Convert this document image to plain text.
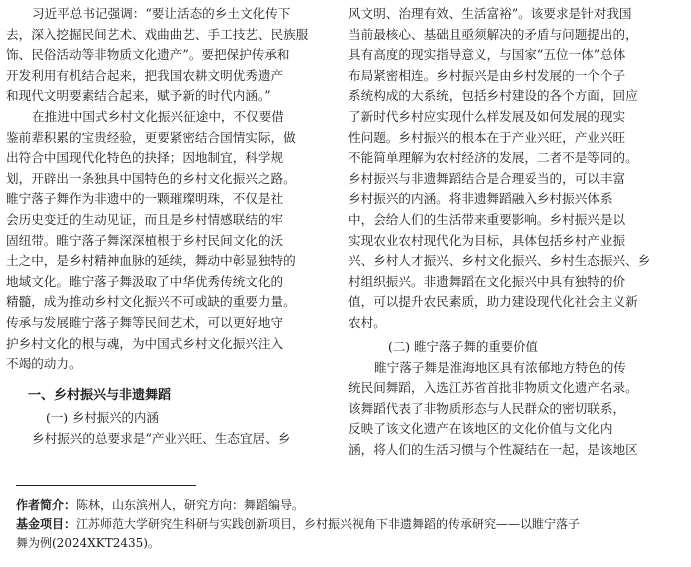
习近平总书记强调：“要让活态的乡土文化传下
去，深入挖掘民间艺术、戏曲曲艺、手工技艺、民族服
饰、民俗活动等非物质文化遗产”。要把保护传承和
开发利用有机结合起来，把我国农耕文明优秀遗产
和现代文明要素结合起来，赋予新的时代内涵。”
在推进中国式乡村文化振兴征途中，不仅要借
鉴前辈积累的宝贵经验，更要紧密结合国情实际，做
出符合中国现代化特色的抉择；因地制宜，科学规
划，开辟出一条独具中国特色的乡村文化振兴之路。
睢宁落子舞作为非遗中的一颗璀璨明珠，不仅是社
会历史变迁的生动见证，而且是乡村情感联结的牢
固纽带。睢宁落子舞深深植根于乡村民间文化的沃
土之中，是乡村精神血脉的延续，舞动中彰显独特的
地域文化。睢宁落子舞汲取了中华优秀传统文化的
精髓，成为推动乡村文化振兴不可或缺的重要力量。
传承与发展睢宁落子舞等民间艺术，可以更好地守
护乡村文化的根与魂，为中国式乡村文化振兴注入
不竭的动力。
一、乡村振兴与非遗舞蹈
(一) 乡村振兴的内涵
乡村振兴的总要求是“产业兴旺、生态宜居、乡
风文明、治理有效、生活富裕”。该要求是针对我国
当前最核心、基础且亟须解决的矛盾与问题提出的，
具有高度的现实指导意义，与国家“五位一体”总体
布局紧密相连。乡村振兴是由乡村发展的一个个子
系统构成的大系统，包括乡村建设的各个方面，回应
了新时代乡村应实现什么样发展及如何发展的现实
性问题。乡村振兴的根本在于产业兴旺，产业兴旺
不能简单理解为农村经济的发展，二者不是等同的。
乡村振兴与非遗舞蹈结合是合理妥当的，可以丰富
乡村振兴的内涵。将非遗舞蹈融入乡村振兴体系
中，会给人们的生活带来重要影响。乡村振兴是以
实现农业农村现代化为目标，具体包括乡村产业振
兴、乡村人才振兴、乡村文化振兴、乡村生态振兴、乡
村组织振兴。非遗舞蹈在文化振兴中具有独特的价
值，可以提升农民素质，助力建设现代化社会主义新
农村。
(二) 睢宁落子舞的重要价值
睢宁落子舞是淮海地区具有浓郁地方特色的传
统民间舞蹈，入选江苏省首批非物质文化遗产名录。
该舞蹈代表了非物质形态与人民群众的密切联系，
反映了该文化遗产在该地区的文化价值与文化内
涵，将人们的生活习惯与个性凝结在一起，是该地区
作者简介：陈林，山东滨州人，研究方向：舞蹈编导。
基金项目：江苏师范大学研究生科研与实践创新项目，乡村振兴视角下非遗舞蹈的传承研究——以睢宁落子
舞为例(2024XKT2435)。
